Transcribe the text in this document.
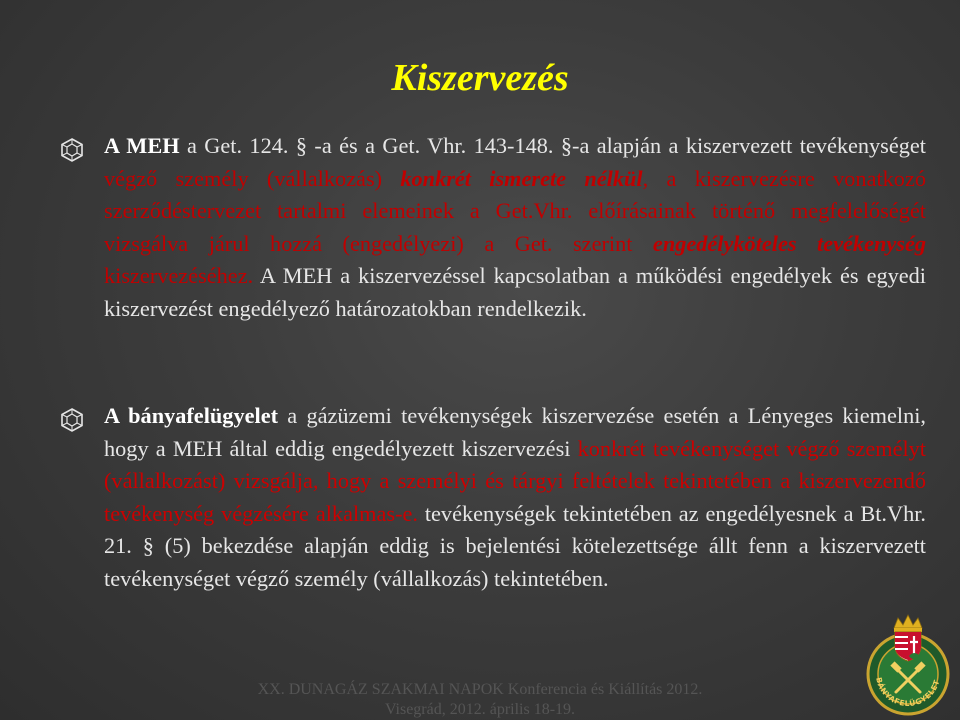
Kiszervezés
A MEH a Get. 124. § -a és a Get. Vhr. 143-148. §-a alapján a kiszervezett tevékenységet végző személy (vállalkozás) konkrét ismerete nélkül, a kiszervezésre vonatkozó szerződéstervezet tartalmi elemeinek a Get.Vhr. előírásainak történő megfelelőségét vizsgálva járul hozzá (engedélyezi) a Get. szerint engedélyköteles tevékenység kiszervezéséhez. A MEH a kiszervezéssel kapcsolatban a működési engedélyek és egyedi kiszervezést engedélyező határozatokban rendelkezik.
A bányafelügyelet a gázüzemi tevékenységek kiszervezése esetén a Lényeges kiemelni, hogy a MEH által eddig engedélyezett kiszervezési konkrét tevékenységet végző személyt (vállalkozást) vizsgálja, hogy a személyi és tárgyi feltételek tekintetében a kiszervezendő tevékenység végzésére alkalmas-e. tevékenységek tekintetében az engedélyesnek a Bt.Vhr. 21. § (5) bekezdése alapján eddig is bejelentési kötelezettsége állt fenn a kiszervezett tevékenységet végző személy (vállalkozás) tekintetében.
XX. DUNAGÁZ SZAKMAI NAPOK Konferencia és Kiállítás 2012.
Visegrád, 2012. április 18-19.
BÁNYAFELÜGYELET
